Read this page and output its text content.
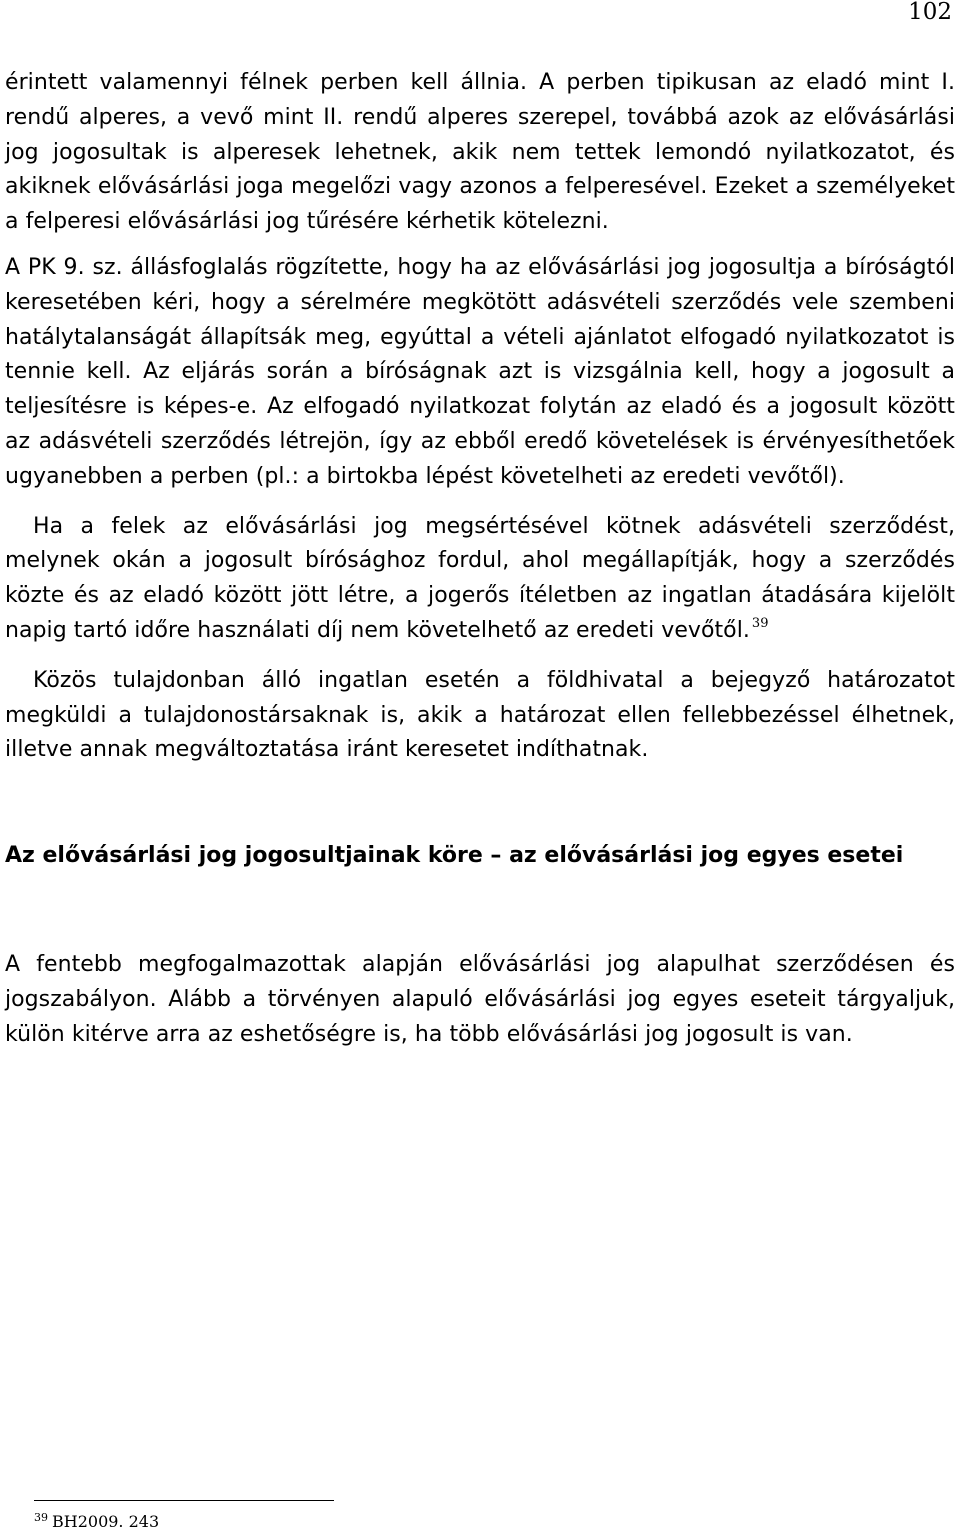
102

érintett valamennyi félnek perben kell állnia. A perben tipikusan az eladó mint I. rendű alperes, a vevő mint II. rendű alperes szerepel, továbbá azok az elővásárlási jog jogosultak is alperesek lehetnek, akik nem tettek lemondó nyilatkozatot, és akiknek elővásárlási joga megelőzi vagy azonos a felperesével. Ezeket a személyeket a felperesi elővásárlási jog tűrésére kérhetik kötelezni.

A PK 9. sz. állásfoglalás rögzítette, hogy ha az elővásárlási jog jogosultja a bíróságtól keresetében kéri, hogy a sérelmére megkötött adásvételi szerződés vele szembeni hatálytalanságát állapítsák meg, egyúttal a vételi ajánlatot elfogadó nyilatkozatot is tennie kell. Az eljárás során a bíróságnak azt is vizsgálnia kell, hogy a jogosult a teljesítésre is képes-e. Az elfogadó nyilatkozat folytán az eladó és a jogosult között az adásvételi szerződés létrejön, így az ebből eredő követelések is érvényesíthetőek ugyanebben a perben (pl.: a birtokba lépést követelheti az eredeti vevőtől).

Ha a felek az elővásárlási jog megsértésével kötnek adásvételi szerződést, melynek okán a jogosult bírósághoz fordul, ahol megállapítják, hogy a szerződés közte és az eladó között jött létre, a jogerős ítéletben az ingatlan átadására kijelölt napig tartó időre használati díj nem követelhető az eredeti vevőtől. $^{39}$

Közös tulajdonban álló ingatlan esetén a földhivatal a bejegyző határozatot megküldi a tulajdonostársaknak is, akik a határozat ellen fellebbezéssel élhetnek, illetve annak megváltoztatása iránt keresetet indíthatnak.

Az elővásárlási jog jogosultjainak köre – az elővásárlási jog egyes esetei

A fentebb megfogalmazottak alapján elővásárlási jog alapulhat szerződésen és jogszabályon. Alább a törvényen alapuló elővásárlási jog egyes eseteit tárgyaljuk, külön kitérve arra az eshetőségre is, ha több elővásárlási jog jogosult is van.

$^{39}$ BH2009. 243
